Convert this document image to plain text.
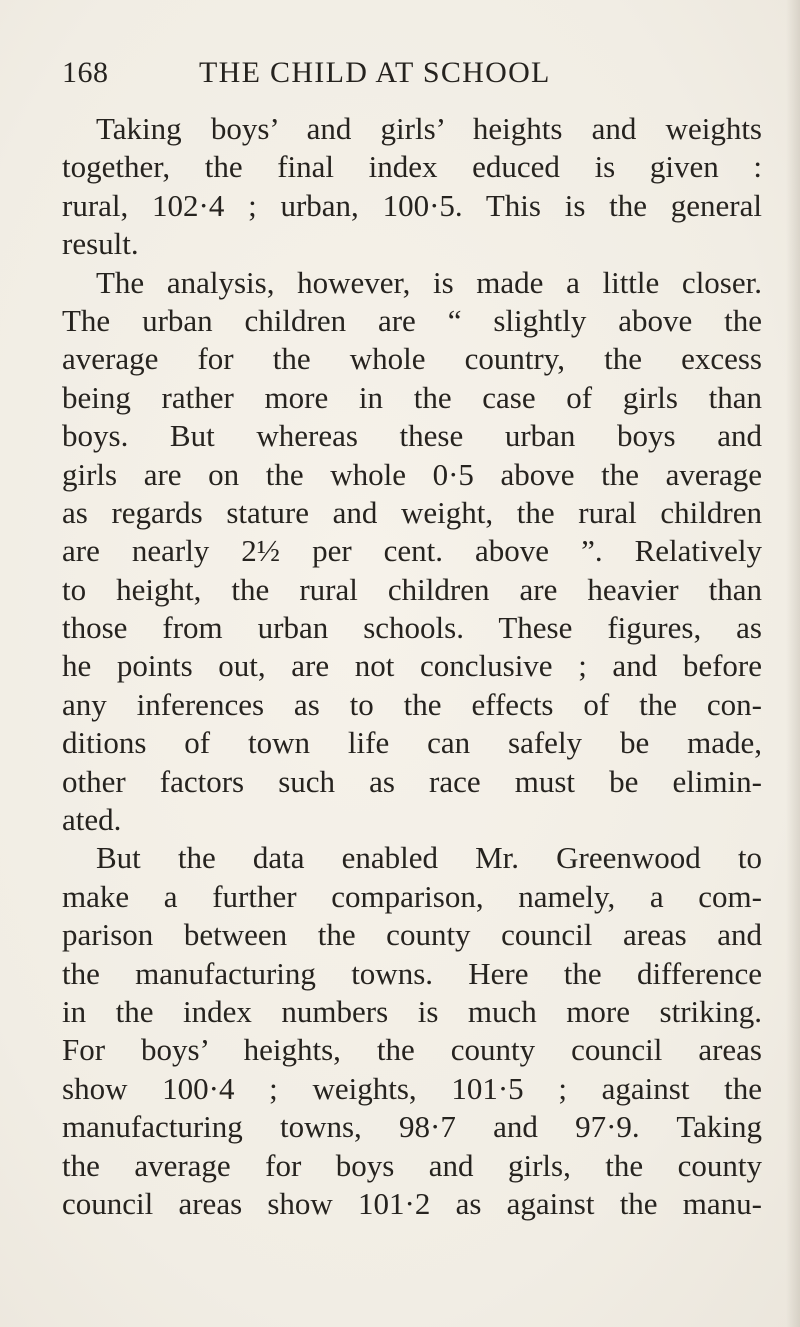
168	THE CHILD AT SCHOOL
Taking boys’ and girls’ heights and weights
together, the final index educed is given :
rural, 102·4 ; urban, 100·5. This is the general
result.
The analysis, however, is made a little closer.
The urban children are “ slightly above the
average for the whole country, the excess
being rather more in the case of girls than
boys. But whereas these urban boys and
girls are on the whole 0·5 above the average
as regards stature and weight, the rural children
are nearly 2½ per cent. above ”. Relatively
to height, the rural children are heavier than
those from urban schools. These figures, as
he points out, are not conclusive ; and before
any inferences as to the effects of the con-
ditions of town life can safely be made,
other factors such as race must be elimin-
ated.
But the data enabled Mr. Greenwood to
make a further comparison, namely, a com-
parison between the county council areas and
the manufacturing towns. Here the difference
in the index numbers is much more striking.
For boys’ heights, the county council areas
show 100·4 ; weights, 101·5 ; against the
manufacturing towns, 98·7 and 97·9. Taking
the average for boys and girls, the county
council areas show 101·2 as against the manu-
